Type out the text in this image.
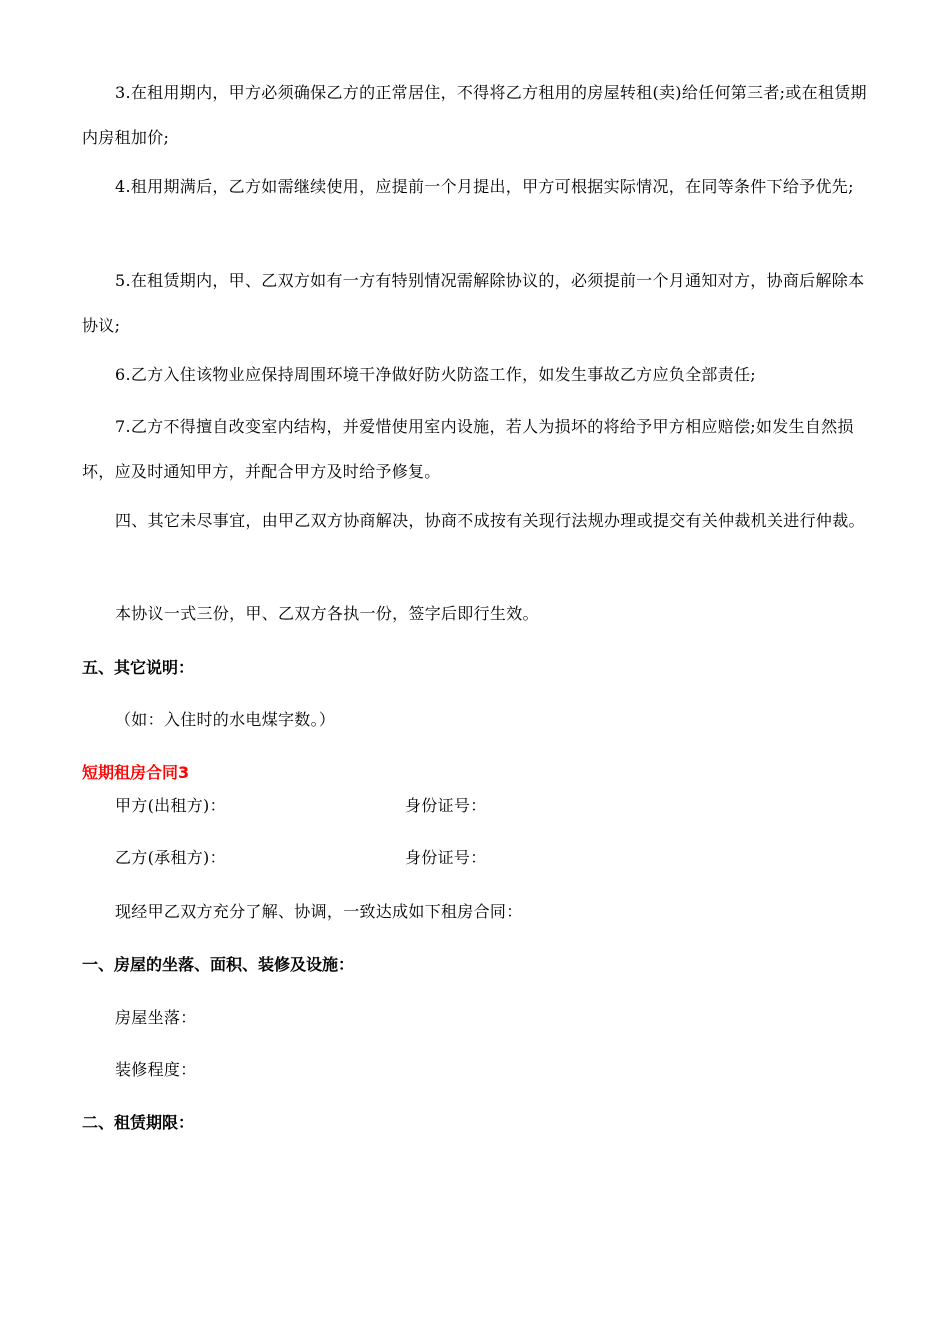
3.在租用期内，甲方必须确保乙方的正常居住，不得将乙方租用的房屋转租(卖)给任何第三者;或在租赁期内房租加价;
4.租用期满后，乙方如需继续使用，应提前一个月提出，甲方可根据实际情况，在同等条件下给予优先;
5.在租赁期内，甲、乙双方如有一方有特别情况需解除协议的，必须提前一个月通知对方，协商后解除本协议;
6.乙方入住该物业应保持周围环境干净做好防火防盗工作，如发生事故乙方应负全部责任;
7.乙方不得擅自改变室内结构，并爱惜使用室内设施，若人为损坏的将给予甲方相应赔偿;如发生自然损坏，应及时通知甲方，并配合甲方及时给予修复。
四、其它未尽事宜，由甲乙双方协商解决，协商不成按有关现行法规办理或提交有关仲裁机关进行仲裁。
本协议一式三份，甲、乙双方各执一份，签字后即行生效。
五、其它说明：
（如：入住时的水电煤字数。）
短期租房合同3
甲方(出租方)：	身份证号：
乙方(承租方)：	身份证号：
现经甲乙双方充分了解、协调，一致达成如下租房合同：
一、房屋的坐落、面积、装修及设施：
房屋坐落：
装修程度：
二、租赁期限：
